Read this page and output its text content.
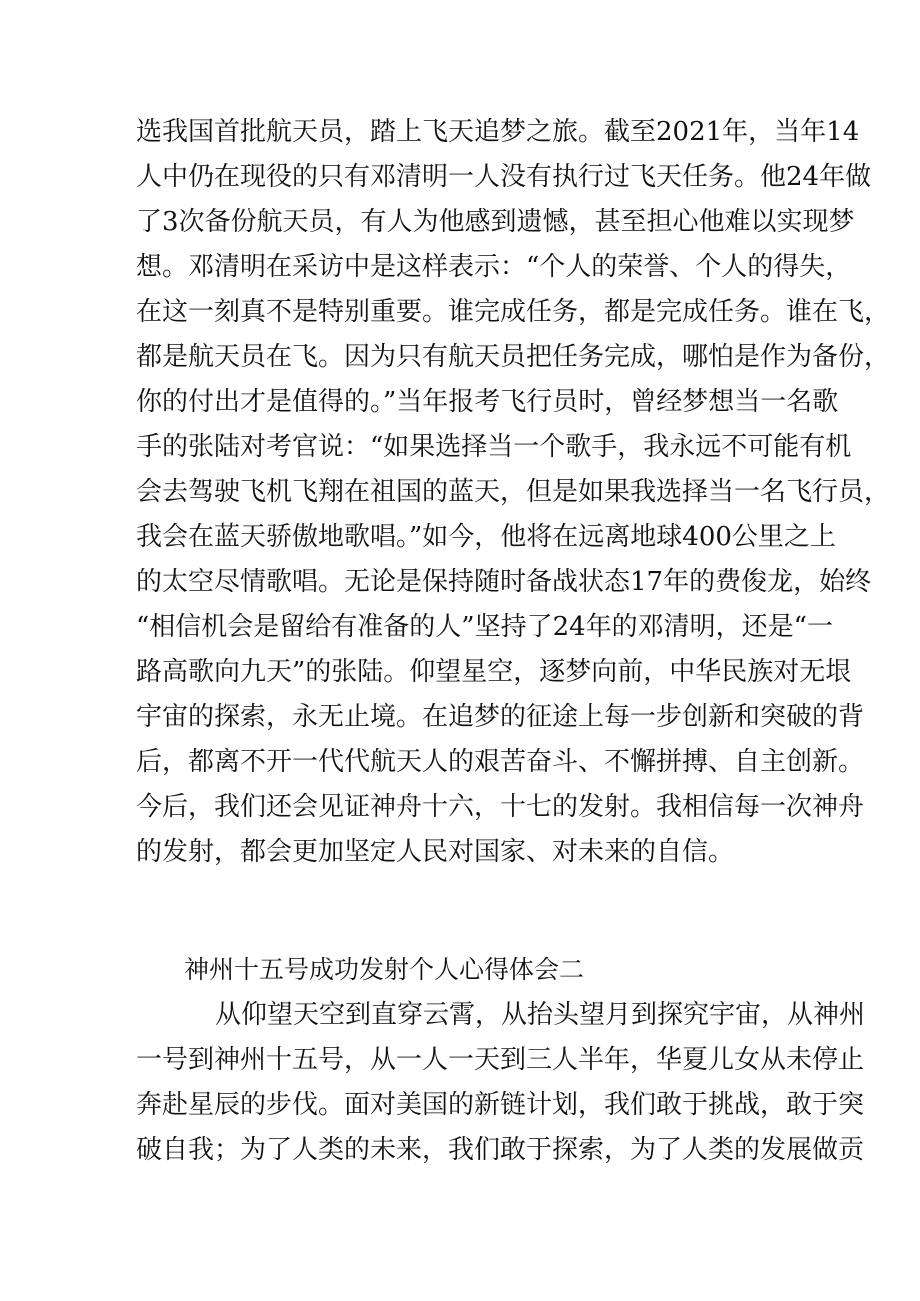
选我国首批航天员，踏上飞天追梦之旅。截至2021年，当年14
人中仍在现役的只有邓清明一人没有执行过飞天任务。他24年做
了3次备份航天员，有人为他感到遗憾，甚至担心他难以实现梦
想。邓清明在采访中是这样表示：“个人的荣誉、个人的得失，
在这一刻真不是特别重要。谁完成任务，都是完成任务。谁在飞，
都是航天员在飞。因为只有航天员把任务完成，哪怕是作为备份，
你的付出才是值得的。”当年报考飞行员时，曾经梦想当一名歌
手的张陆对考官说：“如果选择当一个歌手，我永远不可能有机
会去驾驶飞机飞翔在祖国的蓝天，但是如果我选择当一名飞行员，
我会在蓝天骄傲地歌唱。”如今，他将在远离地球400公里之上
的太空尽情歌唱。无论是保持随时备战状态17年的费俊龙，始终
“相信机会是留给有准备的人”坚持了24年的邓清明，还是“一
路高歌向九天”的张陆。仰望星空，逐梦向前，中华民族对无垠
宇宙的探索，永无止境。在追梦的征途上每一步创新和突破的背
后，都离不开一代代航天人的艰苦奋斗、不懈拼搏、自主创新。
今后，我们还会见证神舟十六，十七的发射。我相信每一次神舟
的发射，都会更加坚定人民对国家、对未来的自信。
神州十五号成功发射个人心得体会二
从仰望天空到直穿云霄，从抬头望月到探究宇宙，从神州
一号到神州十五号，从一人一天到三人半年，华夏儿女从未停止
奔赴星辰的步伐。面对美国的新链计划，我们敢于挑战，敢于突
破自我；为了人类的未来，我们敢于探索，为了人类的发展做贡
